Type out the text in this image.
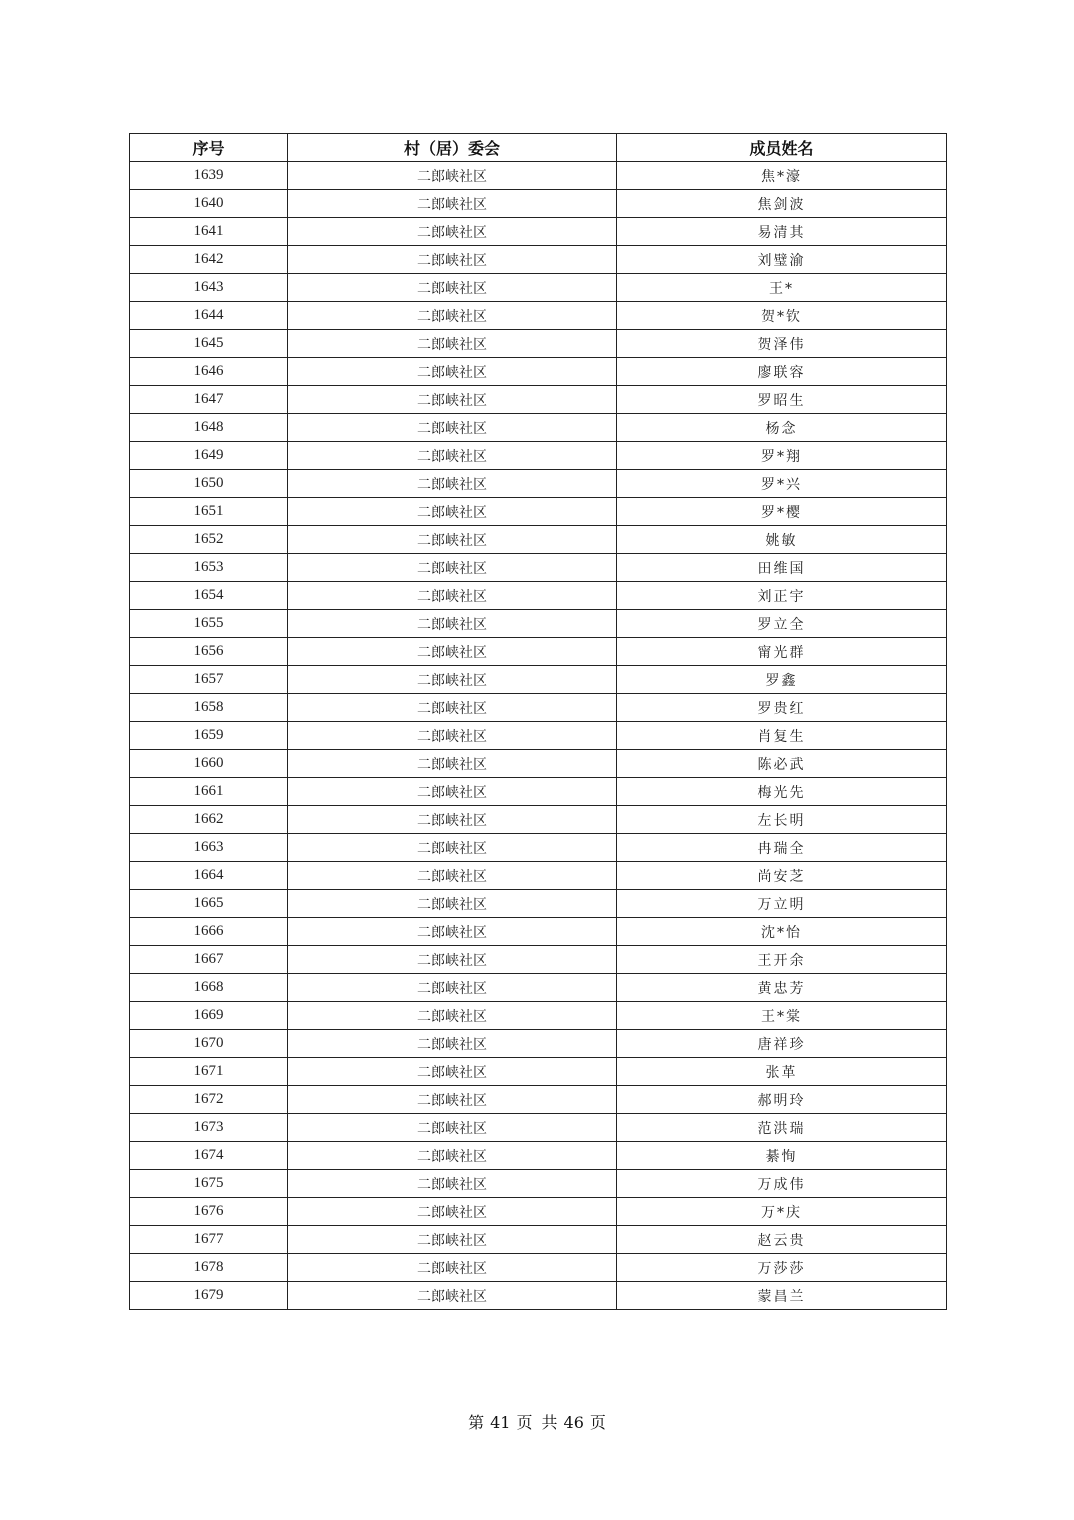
序号	村（居）委会	成员姓名
1639	二郎峡社区	焦*濠
1640	二郎峡社区	焦剑波
1641	二郎峡社区	易清其
1642	二郎峡社区	刘璧渝
1643	二郎峡社区	王*
1644	二郎峡社区	贺*钦
1645	二郎峡社区	贺泽伟
1646	二郎峡社区	廖联容
1647	二郎峡社区	罗昭生
1648	二郎峡社区	杨念
1649	二郎峡社区	罗*翔
1650	二郎峡社区	罗*兴
1651	二郎峡社区	罗*樱
1652	二郎峡社区	姚敏
1653	二郎峡社区	田维国
1654	二郎峡社区	刘正宇
1655	二郎峡社区	罗立全
1656	二郎峡社区	甯光群
1657	二郎峡社区	罗鑫
1658	二郎峡社区	罗贵红
1659	二郎峡社区	肖复生
1660	二郎峡社区	陈必武
1661	二郎峡社区	梅光先
1662	二郎峡社区	左长明
1663	二郎峡社区	冉瑞全
1664	二郎峡社区	尚安芝
1665	二郎峡社区	万立明
1666	二郎峡社区	沈*怡
1667	二郎峡社区	王开余
1668	二郎峡社区	黄忠芳
1669	二郎峡社区	王*棠
1670	二郎峡社区	唐祥珍
1671	二郎峡社区	张革
1672	二郎峡社区	郝明玲
1673	二郎峡社区	范洪瑞
1674	二郎峡社区	綦恂
1675	二郎峡社区	万成伟
1676	二郎峡社区	万*庆
1677	二郎峡社区	赵云贵
1678	二郎峡社区	万莎莎
1679	二郎峡社区	蒙昌兰
第 41 页 共 46 页
